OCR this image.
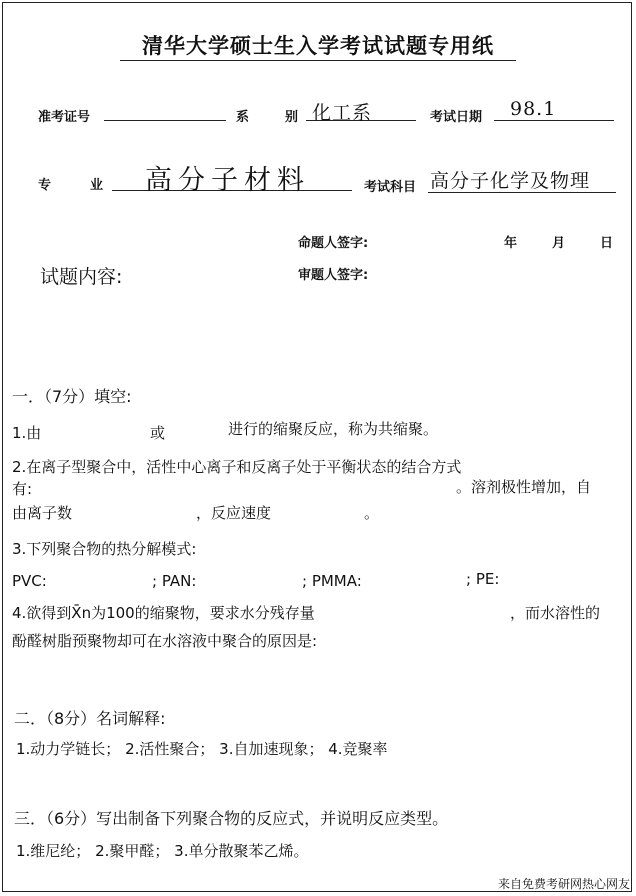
清华大学硕士生入学考试试题专用纸
准考证号	系	别 化工系	考试日期 98.1
专	业 高分子材料	考试科目 高分子化学及物理
命题人签字:	年	月	日
试题内容:	审题人签字:
一．（7分）填空:
1.由	或	进行的缩聚反应，称为共缩聚。
2.在离子型聚合中，活性中心离子和反离子处于平衡状态的结合方式
有:	。溶剂极性增加，自
由离子数	，反应速度	。
3.下列聚合物的热分解模式:
PVC:	; PAN:	; PMMA:	; PE:
4.欲得到X̄n为100的缩聚物，要求水分残存量	，而水溶性的
酚醛树脂预聚物却可在水溶液中聚合的原因是:
二．（8分）名词解释:
1.动力学链长； 2.活性聚合； 3.自加速现象； 4.竞聚率
三．（6分）写出制备下列聚合物的反应式，并说明反应类型。
1.维尼纶； 2.聚甲醛； 3.单分散聚苯乙烯。
来自免费考研网热心网友
